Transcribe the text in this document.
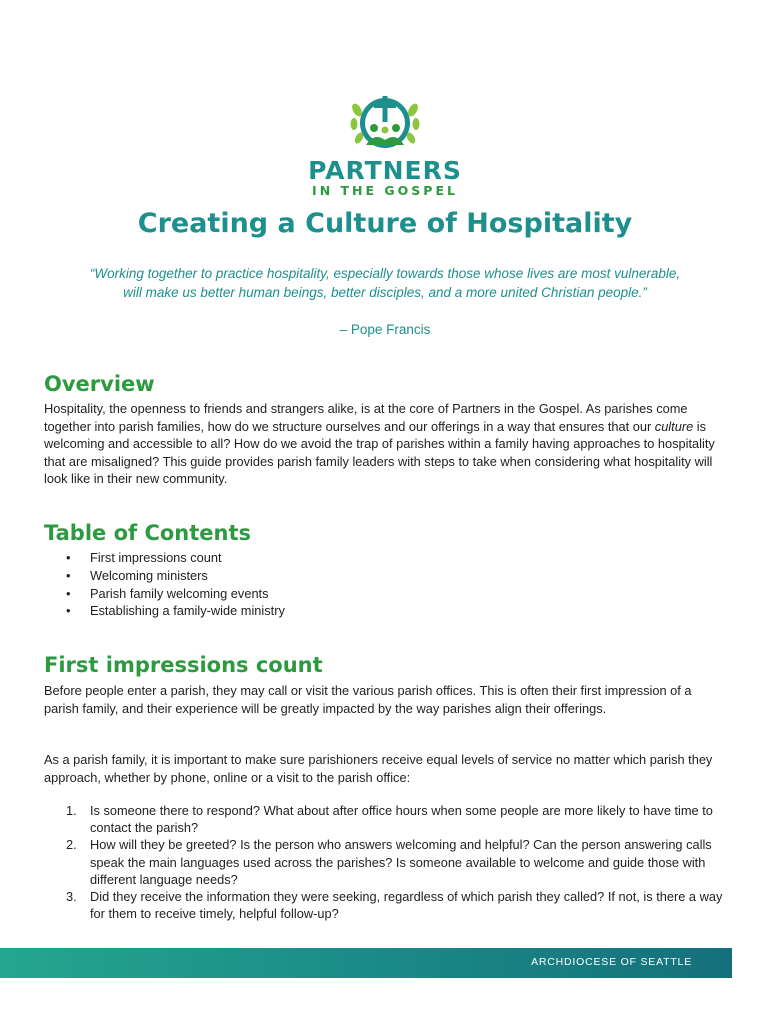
PARTNERS
IN THE GOSPEL
Creating a Culture of Hospitality
“Working together to practice hospitality, especially towards those whose lives are most vulnerable, will make us better human beings, better disciples, and a more united Christian people.”
– Pope Francis
Overview

Hospitality, the openness to friends and strangers alike, is at the core of Partners in the Gospel. As parishes come together into parish families, how do we structure ourselves and our offerings in a way that ensures that our culture is welcoming and accessible to all? How do we avoid the trap of parishes within a family having approaches to hospitality that are misaligned? This guide provides parish family leaders with steps to take when considering what hospitality will look like in their new community.

Table of Contents
• First impressions count
• Welcoming ministers
• Parish family welcoming events
• Establishing a family-wide ministry
First impressions count

Before people enter a parish, they may call or visit the various parish offices. This is often their first impression of a parish family, and their experience will be greatly impacted by the way parishes align their offerings.

As a parish family, it is important to make sure parishioners receive equal levels of service no matter which parish they approach, whether by phone, online or a visit to the parish office:

1. Is someone there to respond? What about after office hours when some people are more likely to have time to contact the parish?
2. How will they be greeted? Is the person who answers welcoming and helpful? Can the person answering calls speak the main languages used across the parishes? Is someone available to welcome and guide those with different language needs?
3. Did they receive the information they were seeking, regardless of which parish they called? If not, is there a way for them to receive timely, helpful follow-up?
ARCHDIOCESE OF SEATTLE
